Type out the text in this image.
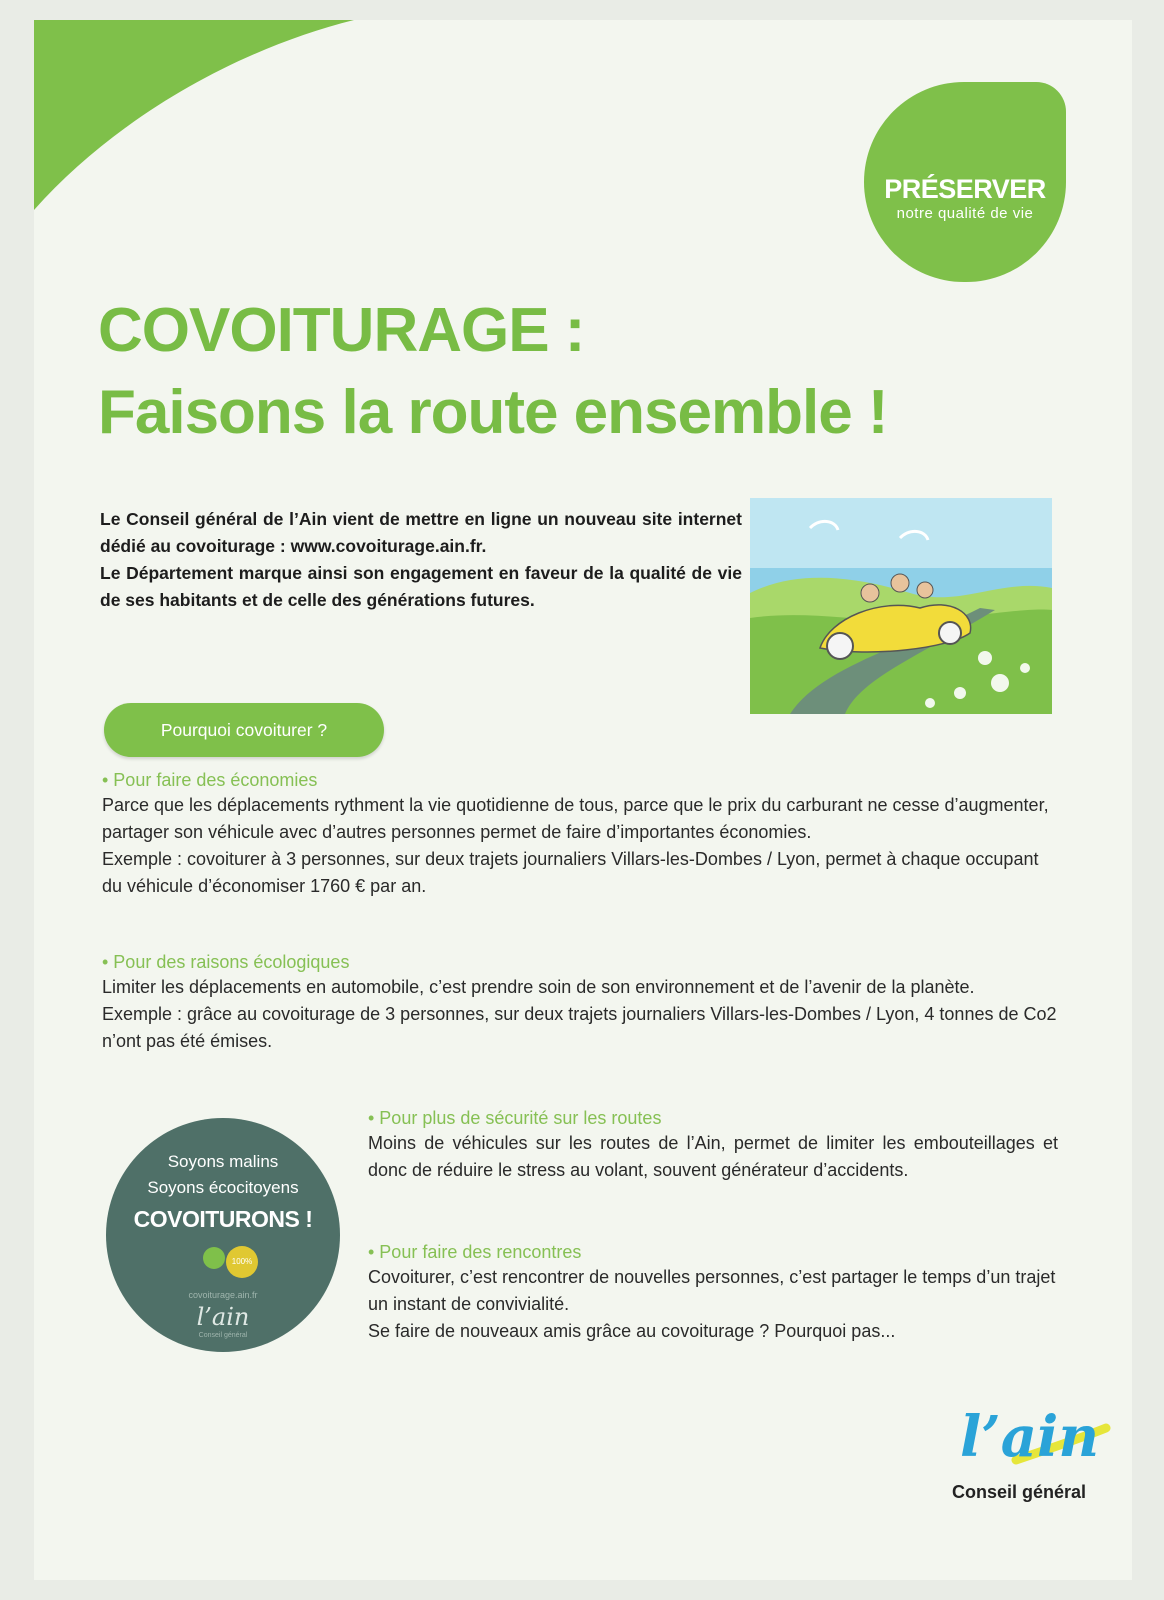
PRÉSERVER
notre qualité de vie
COVOITURAGE :
Faisons la route ensemble !

Le Conseil général de l’Ain vient de mettre en ligne un nouveau site internet dédié au covoiturage : www.covoiturage.ain.fr.

Le Département marque ainsi son engagement en faveur de la qualité de vie de ses habitants et de celle des générations futures.

Pourquoi covoiturer ?
• Pour faire des économies

Parce que les déplacements rythment la vie quotidienne de tous, parce que le prix du carburant ne cesse d’augmenter, partager son véhicule avec d’autres personnes permet de faire d’importantes économies.

Exemple : covoiturer à 3 personnes, sur deux trajets journaliers Villars-les-Dombes / Lyon, permet à chaque occupant du véhicule d’économiser 1760 € par an.

• Pour des raisons écologiques

Limiter les déplacements en automobile, c’est prendre soin de son environnement et de l’avenir de la planète.

Exemple : grâce au covoiturage de 3 personnes, sur deux trajets journaliers Villars-les-Dombes / Lyon, 4 tonnes de Co2 n’ont pas été émises.

• Pour plus de sécurité sur les routes

Moins de véhicules sur les routes de l’Ain, permet de limiter les embouteillages et donc de réduire le stress au volant, souvent générateur d’accidents.

• Pour faire des rencontres

Covoiturer, c’est rencontrer de nouvelles personnes, c’est partager le temps d’un trajet un instant de convivialité.

Se faire de nouveaux amis grâce au covoiturage ? Pourquoi pas...

Soyons malins
Soyons écocitoyens
COVOITURONS !
100%
covoiturage.ain.fr
l’ain
Conseil général
l’ain
Conseil général
